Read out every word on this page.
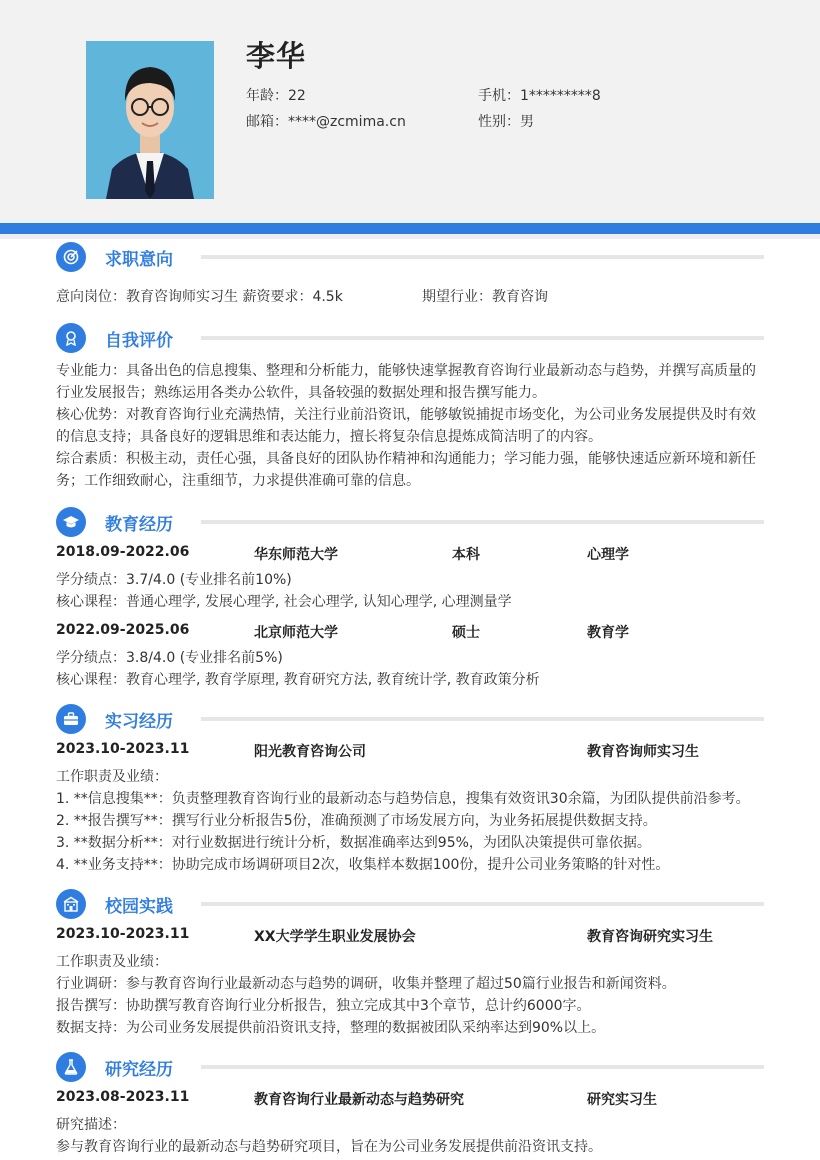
李华
年龄：22	手机：1*********8
邮箱：****@zcmima.cn	性别：男
求职意向
意向岗位：教育咨询师实习生 薪资要求：4.5k	期望行业：教育咨询
自我评价
专业能力：具备出色的信息搜集、整理和分析能力，能够快速掌握教育咨询行业最新动态与趋势，并撰写高质量的行业发展报告；熟练运用各类办公软件，具备较强的数据处理和报告撰写能力。
核心优势：对教育咨询行业充满热情，关注行业前沿资讯，能够敏锐捕捉市场变化，为公司业务发展提供及时有效的信息支持；具备良好的逻辑思维和表达能力，擅长将复杂信息提炼成简洁明了的内容。
综合素质：积极主动，责任心强，具备良好的团队协作精神和沟通能力；学习能力强，能够快速适应新环境和新任务；工作细致耐心，注重细节，力求提供准确可靠的信息。
教育经历
2018.09-2022.06	华东师范大学	本科	心理学
学分绩点：3.7/4.0 (专业排名前10%)
核心课程：普通心理学, 发展心理学, 社会心理学, 认知心理学, 心理测量学
2022.09-2025.06	北京师范大学	硕士	教育学
学分绩点：3.8/4.0 (专业排名前5%)
核心课程：教育心理学, 教育学原理, 教育研究方法, 教育统计学, 教育政策分析
实习经历
2023.10-2023.11	阳光教育咨询公司	教育咨询师实习生
工作职责及业绩：
1. **信息搜集**：负责整理教育咨询行业的最新动态与趋势信息，搜集有效资讯30余篇，为团队提供前沿参考。
2. **报告撰写**：撰写行业分析报告5份，准确预测了市场发展方向，为业务拓展提供数据支持。
3. **数据分析**：对行业数据进行统计分析，数据准确率达到95%，为团队决策提供可靠依据。
4. **业务支持**：协助完成市场调研项目2次，收集样本数据100份，提升公司业务策略的针对性。
校园实践
2023.10-2023.11	XX大学学生职业发展协会	教育咨询研究实习生
工作职责及业绩：
行业调研：参与教育咨询行业最新动态与趋势的调研，收集并整理了超过50篇行业报告和新闻资料。
报告撰写：协助撰写教育咨询行业分析报告，独立完成其中3个章节，总计约6000字。
数据支持：为公司业务发展提供前沿资讯支持，整理的数据被团队采纳率达到90%以上。
研究经历
2023.08-2023.11	教育咨询行业最新动态与趋势研究	研究实习生
研究描述：
参与教育咨询行业的最新动态与趋势研究项目，旨在为公司业务发展提供前沿资讯支持。
